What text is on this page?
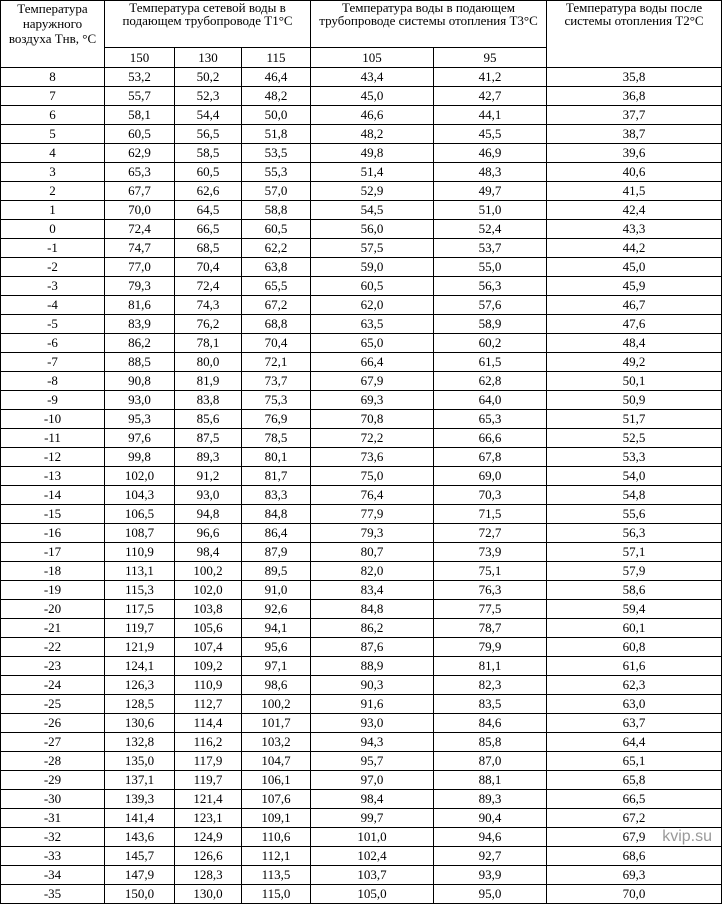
Температура наружного воздуха Тнв, °С	Температура сетевой воды в подающем трубопроводе Т1°С			Температура воды в подающем трубопроводе системы отопления Т3°С		Температура воды после системы отопления Т2°С
	150	130	115	105	95	
8	53,2	50,2	46,4	43,4	41,2	35,8
7	55,7	52,3	48,2	45,0	42,7	36,8
6	58,1	54,4	50,0	46,6	44,1	37,7
5	60,5	56,5	51,8	48,2	45,5	38,7
4	62,9	58,5	53,5	49,8	46,9	39,6
3	65,3	60,5	55,3	51,4	48,3	40,6
2	67,7	62,6	57,0	52,9	49,7	41,5
1	70,0	64,5	58,8	54,5	51,0	42,4
0	72,4	66,5	60,5	56,0	52,4	43,3
-1	74,7	68,5	62,2	57,5	53,7	44,2
-2	77,0	70,4	63,8	59,0	55,0	45,0
-3	79,3	72,4	65,5	60,5	56,3	45,9
-4	81,6	74,3	67,2	62,0	57,6	46,7
-5	83,9	76,2	68,8	63,5	58,9	47,6
-6	86,2	78,1	70,4	65,0	60,2	48,4
-7	88,5	80,0	72,1	66,4	61,5	49,2
-8	90,8	81,9	73,7	67,9	62,8	50,1
-9	93,0	83,8	75,3	69,3	64,0	50,9
-10	95,3	85,6	76,9	70,8	65,3	51,7
-11	97,6	87,5	78,5	72,2	66,6	52,5
-12	99,8	89,3	80,1	73,6	67,8	53,3
-13	102,0	91,2	81,7	75,0	69,0	54,0
-14	104,3	93,0	83,3	76,4	70,3	54,8
-15	106,5	94,8	84,8	77,9	71,5	55,6
-16	108,7	96,6	86,4	79,3	72,7	56,3
-17	110,9	98,4	87,9	80,7	73,9	57,1
-18	113,1	100,2	89,5	82,0	75,1	57,9
-19	115,3	102,0	91,0	83,4	76,3	58,6
-20	117,5	103,8	92,6	84,8	77,5	59,4
-21	119,7	105,6	94,1	86,2	78,7	60,1
-22	121,9	107,4	95,6	87,6	79,9	60,8
-23	124,1	109,2	97,1	88,9	81,1	61,6
-24	126,3	110,9	98,6	90,3	82,3	62,3
-25	128,5	112,7	100,2	91,6	83,5	63,0
-26	130,6	114,4	101,7	93,0	84,6	63,7
-27	132,8	116,2	103,2	94,3	85,8	64,4
-28	135,0	117,9	104,7	95,7	87,0	65,1
-29	137,1	119,7	106,1	97,0	88,1	65,8
-30	139,3	121,4	107,6	98,4	89,3	66,5
-31	141,4	123,1	109,1	99,7	90,4	67,2
-32	143,6	124,9	110,6	101,0	94,6	67,9
-33	145,7	126,6	112,1	102,4	92,7	68,6
-34	147,9	128,3	113,5	103,7	93,9	69,3
-35	150,0	130,0	115,0	105,0	95,0	70,0
kvip.su
